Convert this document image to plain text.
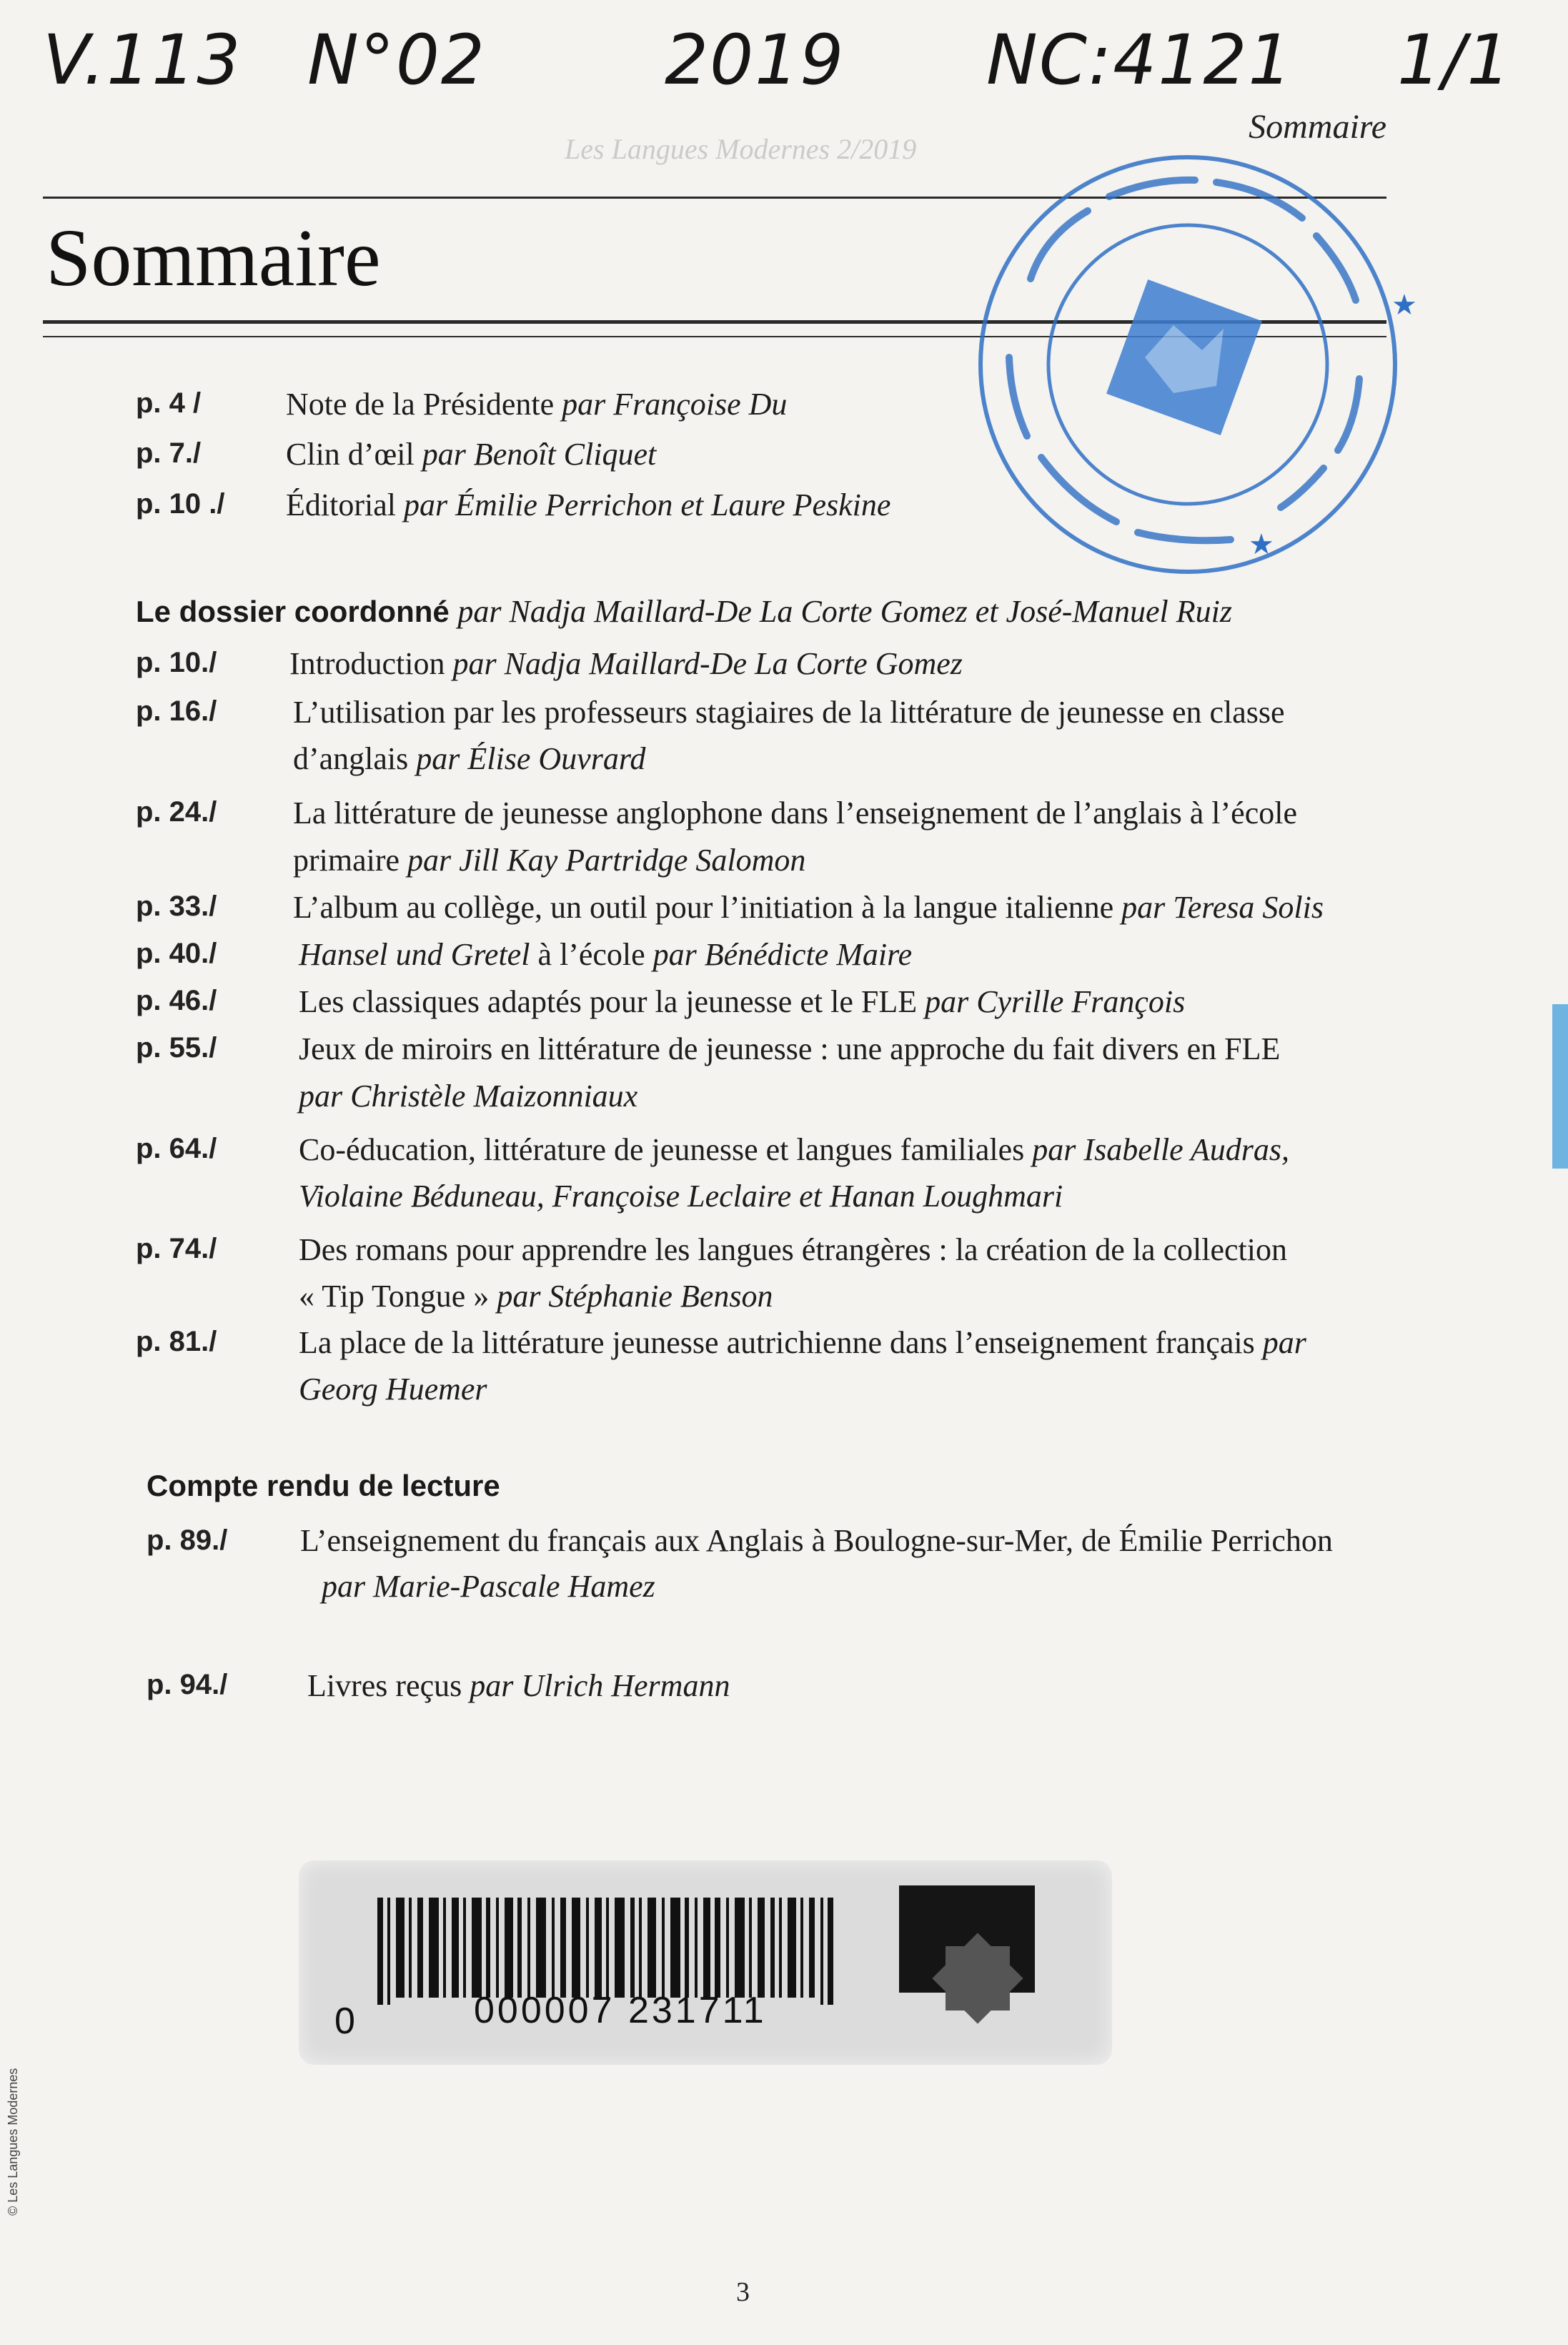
V.113 N°02	2019 NC:4121 1/1
Les Langues Modernes 2/2019
Sommaire
Sommaire
★
★
p. 4 /	Note de la Présidente par Françoise Du
p. 7./	Clin d’œil par Benoît Cliquet
p. 10 ./ Éditorial par Émilie Perrichon et Laure Peskine
Le dossier coordonné par Nadja Maillard-De La Corte Gomez et José-Manuel Ruiz
p. 10./ Introduction par Nadja Maillard-De La Corte Gomez
p. 16./ L’utilisation par les professeurs stagiaires de la littérature de jeunesse en classe
d’anglais par Élise Ouvrard
p. 24./ La littérature de jeunesse anglophone dans l’enseignement de l’anglais à l’école
primaire par Jill Kay Partridge Salomon
p. 33./ L’album au collège, un outil pour l’initiation à la langue italienne par Teresa Solis
p. 40./	Hansel und Gretel à l’école par Bénédicte Maire
p. 46./	Les classiques adaptés pour la jeunesse et le FLE par Cyrille François
p. 55./	Jeux de miroirs en littérature de jeunesse : une approche du fait divers en FLE
par Christèle Maizonniaux
p. 64./	Co-éducation, littérature de jeunesse et langues familiales par Isabelle Audras,
Violaine Béduneau, Françoise Leclaire et Hanan Loughmari
p. 74./	Des romans pour apprendre les langues étrangères : la création de la collection
« Tip Tongue » par Stéphanie Benson
p. 81./	La place de la littérature jeunesse autrichienne dans l’enseignement français par
Georg Huemer
Compte rendu de lecture
p. 89./ L’enseignement du français aux Anglais à Boulogne-sur-Mer, de Émilie Perrichon
par Marie-Pascale Hamez
p. 94./	Livres reçus par Ulrich Hermann
0	000007 231711
© Les Langues Modernes
3
